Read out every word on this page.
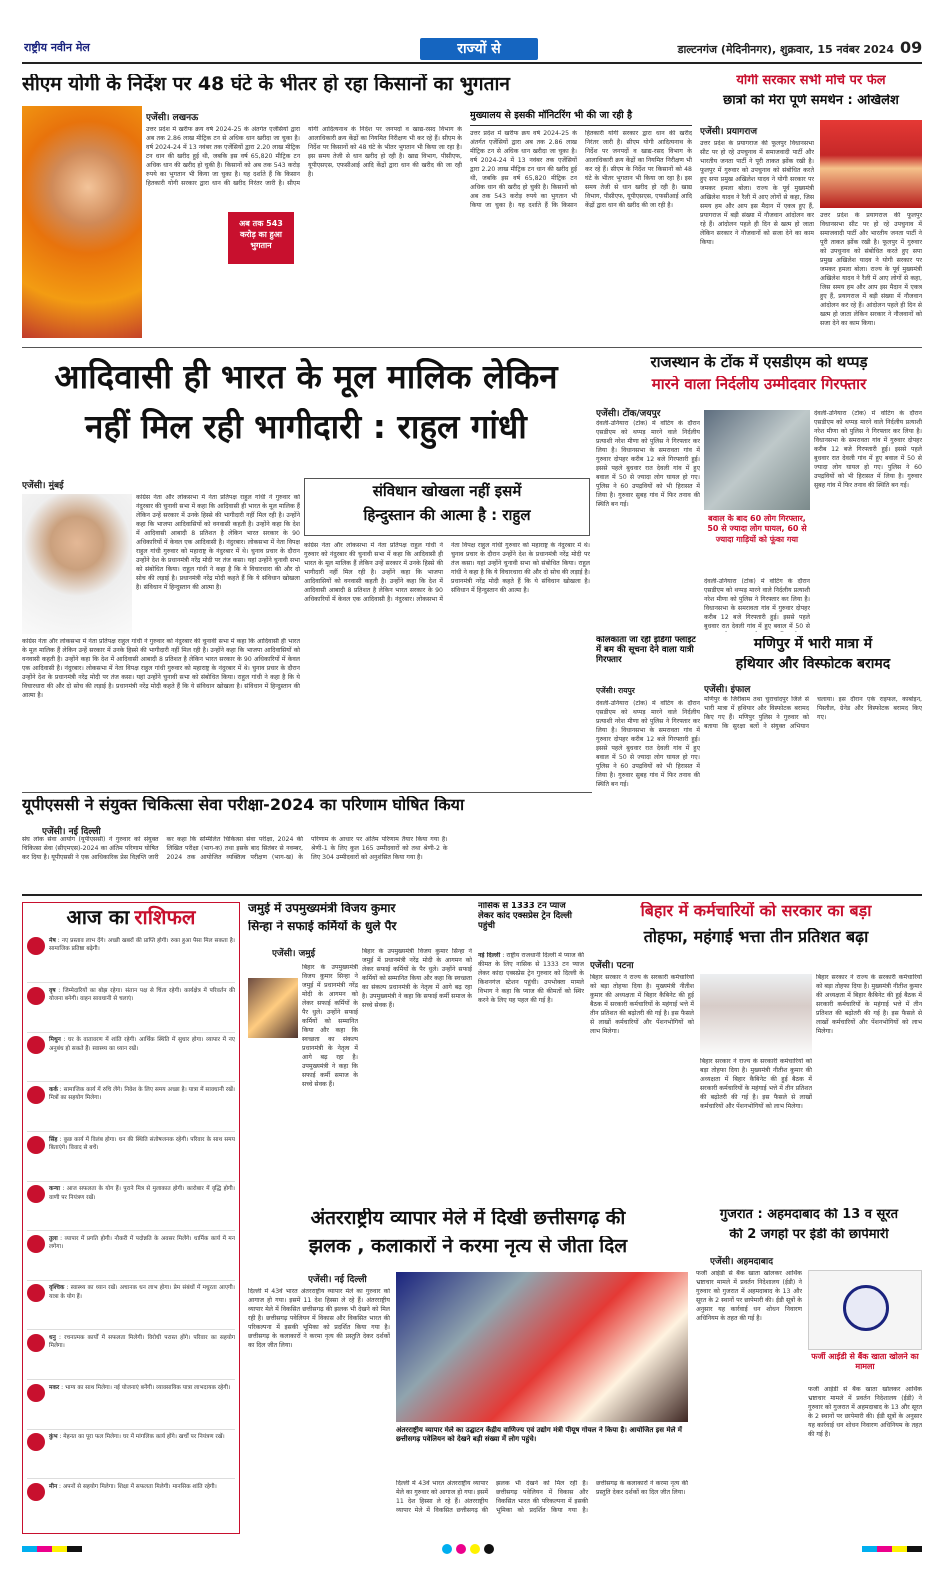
राष्ट्रीय नवीन मेल	राज्यों से	डाल्टनगंज (मेदिनीनगर), शुक्रवार, 15 नवंबर 2024 09
सीएम योगी के निर्देश पर 48 घंटे के भीतर हो रहा किसानों का भुगतान
एजेंसी। लखनऊ
अब तक 543 करोड़ का हुआ भुगतान
उत्तर प्रदेश में खरीफ क्रय वर्ष 2024-25 के अंतर्गत एजेंसियों द्वारा अब तक 2.86 लाख मीट्रिक टन से अधिक धान खरीदा जा चुका है। वर्ष 2024-24 में 13 नवंबर तक एजेंसियों द्वारा 2.20 लाख मीट्रिक टन धान की खरीद हुई थी, जबकि इस वर्ष 65,820 मीट्रिक टन अधिक धान की खरीद हो चुकी है। किसानों को अब तक 543 करोड़ रुपये का भुगतान भी किया जा चुका है। यह दर्शाते हैं कि किसान हितकारी योगी सरकार द्वारा धान की खरीद निरंतर जारी है। सीएम योगी आदित्यनाथ के निर्देश पर जनपदों व खाद्य-रसद विभाग के आलाधिकारी क्रय केंद्रों का नियमित निरीक्षण भी कर रहे हैं। सीएम के निर्देश पर किसानों को 48 घंटे के भीतर भुगतान भी किया जा रहा है। इस समय तेजी से धान खरीद हो रही है। खाद्य विभाग, पीसीएफ, यूपीएसएस, एफसीआई आदि केंद्रों द्वारा धान की खरीद की जा रही है।
मुख्यालय से इसकी मॉनिटरिंग भी की जा रही है
उत्तर प्रदेश में खरीफ क्रय वर्ष 2024-25 के अंतर्गत एजेंसियों द्वारा अब तक 2.86 लाख मीट्रिक टन से अधिक धान खरीदा जा चुका है। वर्ष 2024-24 में 13 नवंबर तक एजेंसियों द्वारा 2.20 लाख मीट्रिक टन धान की खरीद हुई थी, जबकि इस वर्ष 65,820 मीट्रिक टन अधिक धान की खरीद हो चुकी है। किसानों को अब तक 543 करोड़ रुपये का भुगतान भी किया जा चुका है। यह दर्शाते हैं कि किसान हितकारी योगी सरकार द्वारा धान की खरीद निरंतर जारी है। सीएम योगी आदित्यनाथ के निर्देश पर जनपदों व खाद्य-रसद विभाग के आलाधिकारी क्रय केंद्रों का नियमित निरीक्षण भी कर रहे हैं। सीएम के निर्देश पर किसानों को 48 घंटे के भीतर भुगतान भी किया जा रहा है। इस समय तेजी से धान खरीद हो रही है। खाद्य विभाग, पीसीएफ, यूपीएसएस, एफसीआई आदि केंद्रों द्वारा धान की खरीद की जा रही है।
योगी सरकार सभी मोर्चे पर फेल
छात्रों को मेरा पूर्ण समर्थन : अखिलेश
एजेंसी। प्रयागराज
उत्तर प्रदेश के प्रयागराज की फूलपुर विधानसभा सीट पर हो रहे उपचुनाव में समाजवादी पार्टी और भारतीय जनता पार्टी ने पूरी ताकत झोंक रखी है। फूलपुर में गुरुवार को उपचुनाव को संबोधित करते हुए सपा प्रमुख अखिलेश यादव ने योगी सरकार पर जमकर हमला बोला। राज्य के पूर्व मुख्यमंत्री अखिलेश यादव ने रैली में आए लोगों से कहा, जिस समय हम और आप इस मैदान में एकत्र हुए हैं, प्रयागराज में बड़ी संख्या में नौजवान आंदोलन कर रहे हैं। आंदोलन पहले ही दिन से खत्म हो जाता लेकिन सरकार ने नौजवानों को सजा देने का काम किया।
उत्तर प्रदेश के प्रयागराज की फूलपुर विधानसभा सीट पर हो रहे उपचुनाव में समाजवादी पार्टी और भारतीय जनता पार्टी ने पूरी ताकत झोंक रखी है। फूलपुर में गुरुवार को उपचुनाव को संबोधित करते हुए सपा प्रमुख अखिलेश यादव ने योगी सरकार पर जमकर हमला बोला। राज्य के पूर्व मुख्यमंत्री अखिलेश यादव ने रैली में आए लोगों से कहा, जिस समय हम और आप इस मैदान में एकत्र हुए हैं, प्रयागराज में बड़ी संख्या में नौजवान आंदोलन कर रहे हैं। आंदोलन पहले ही दिन से खत्म हो जाता लेकिन सरकार ने नौजवानों को सजा देने का काम किया।
आदिवासी ही भारत के मूल मालिक लेकिन
नहीं मिल रही भागीदारी : राहुल गांधी
एजेंसी। मुंबई	संविधान खोखला नहीं इसमें
हिन्दुस्तान की आत्मा है : राहुल
कांग्रेस नेता और लोकसभा में नेता प्रतिपक्ष राहुल गांधी ने गुरुवार को नंदुरबार की चुनावी सभा में कहा कि आदिवासी ही भारत के मूल मालिक हैं लेकिन उन्हें सरकार में उनके हिस्से की भागीदारी नहीं मिल रही है। उन्होंने कहा कि भाजपा आदिवासियों को वनवासी कहती है। उन्होंने कहा कि देश में आदिवासी आबादी 8 प्रतिशत है लेकिन भारत सरकार के 90 अधिकारियों में केवल एक आदिवासी है। नंदुरबार। लोकसभा में नेता विपक्ष राहुल गांधी गुरुवार को महाराष्ट्र के नंदुरबार में थे। चुनाव प्रचार के दौरान उन्होंने देश के प्रधानमंत्री नरेंद्र मोदी पर तंज कसा। यहां उन्होंने चुनावी सभा को संबोधित किया। राहुल गांधी ने कहा है कि ये विचारधारा की और दो सोच की लड़ाई है। प्रधानमंत्री नरेंद्र मोदी कहते हैं कि ये संविधान खोखला है। संविधान में हिन्दुस्तान की आत्मा है।
कांग्रेस नेता और लोकसभा में नेता प्रतिपक्ष राहुल गांधी ने गुरुवार को नंदुरबार की चुनावी सभा में कहा कि आदिवासी ही भारत के मूल मालिक हैं लेकिन उन्हें सरकार में उनके हिस्से की भागीदारी नहीं मिल रही है। उन्होंने कहा कि भाजपा आदिवासियों को वनवासी कहती है। उन्होंने कहा कि देश में आदिवासी आबादी 8 प्रतिशत है लेकिन भारत सरकार के 90 अधिकारियों में केवल एक आदिवासी है। नंदुरबार। लोकसभा में नेता विपक्ष राहुल गांधी गुरुवार को महाराष्ट्र के नंदुरबार में थे। चुनाव प्रचार के दौरान उन्होंने देश के प्रधानमंत्री नरेंद्र मोदी पर तंज कसा। यहां उन्होंने चुनावी सभा को संबोधित किया। राहुल गांधी ने कहा है कि ये विचारधारा की और दो सोच की लड़ाई है। प्रधानमंत्री नरेंद्र मोदी कहते हैं कि ये संविधान खोखला है। संविधान में हिन्दुस्तान की आत्मा है।
कांग्रेस नेता और लोकसभा में नेता प्रतिपक्ष राहुल गांधी ने गुरुवार को नंदुरबार की चुनावी सभा में कहा कि आदिवासी ही भारत के मूल मालिक हैं लेकिन उन्हें सरकार में उनके हिस्से की भागीदारी नहीं मिल रही है। उन्होंने कहा कि भाजपा आदिवासियों को वनवासी कहती है। उन्होंने कहा कि देश में आदिवासी आबादी 8 प्रतिशत है लेकिन भारत सरकार के 90 अधिकारियों में केवल एक आदिवासी है। नंदुरबार। लोकसभा में नेता विपक्ष राहुल गांधी गुरुवार को महाराष्ट्र के नंदुरबार में थे। चुनाव प्रचार के दौरान उन्होंने देश के प्रधानमंत्री नरेंद्र मोदी पर तंज कसा। यहां उन्होंने चुनावी सभा को संबोधित किया। राहुल गांधी ने कहा है कि ये विचारधारा की और दो सोच की लड़ाई है। प्रधानमंत्री नरेंद्र मोदी कहते हैं कि ये संविधान खोखला है। संविधान में हिन्दुस्तान की आत्मा है।
राजस्थान के टोंक में एसडीएम को थप्पड़
मारने वाला निर्दलीय उम्मीदवार गिरफ्तार
एजेंसी। टोंक/जयपुर
देवली-उनियारा (टोंक) में वोटिंग के दौरान एसडीएम को थप्पड़ मारने वाले निर्दलीय प्रत्याशी नरेश मीणा को पुलिस ने गिरफ्तार कर लिया है। विधानसभा के समरावता गांव में गुरुवार दोपहर करीब 12 बजे गिरफ्तारी हुई। इससे पहले बुधवार रात देवली गांव में हुए बवाल में 50 से ज्यादा लोग घायल हो गए। पुलिस ने 60 उपद्रवियों को भी हिरासत में लिया है। गुरुवार सुबह गांव में फिर तनाव की स्थिति बन गई।
बवाल के बाद 60 लोग गिरफ्तार, 50 से ज्यादा लोग घायल, 60 से ज्यादा गाड़ियों को फूंका गया
देवली-उनियारा (टोंक) में वोटिंग के दौरान एसडीएम को थप्पड़ मारने वाले निर्दलीय प्रत्याशी नरेश मीणा को पुलिस ने गिरफ्तार कर लिया है। विधानसभा के समरावता गांव में गुरुवार दोपहर करीब 12 बजे गिरफ्तारी हुई। इससे पहले बुधवार रात देवली गांव में हुए बवाल में 50 से
देवली-उनियारा (टोंक) में वोटिंग के दौरान एसडीएम को थप्पड़ मारने वाले निर्दलीय प्रत्याशी नरेश मीणा को पुलिस ने गिरफ्तार कर लिया है। विधानसभा के समरावता गांव में गुरुवार दोपहर करीब 12 बजे गिरफ्तारी हुई। इससे पहले बुधवार रात देवली गांव में हुए बवाल में 50 से ज्यादा लोग घायल हो गए। पुलिस ने 60 उपद्रवियों को भी हिरासत में लिया है। गुरुवार सुबह गांव में फिर तनाव की स्थिति बन गई।
कोलकाता जा रही इंडिगो फ्लाइट में बम की सूचना देने वाला यात्री गिरफ्तार
एजेंसी। रायपुर
देवली-उनियारा (टोंक) में वोटिंग के दौरान एसडीएम को थप्पड़ मारने वाले निर्दलीय प्रत्याशी नरेश मीणा को पुलिस ने गिरफ्तार कर लिया है। विधानसभा के समरावता गांव में गुरुवार दोपहर करीब 12 बजे गिरफ्तारी हुई। इससे पहले बुधवार रात देवली गांव में हुए बवाल में 50 से ज्यादा लोग घायल हो गए। पुलिस ने 60 उपद्रवियों को भी हिरासत में लिया है। गुरुवार सुबह गांव में फिर तनाव की स्थिति बन गई।
मणिपुर में भारी मात्रा में
हथियार और विस्फोटक बरामद
एजेंसी। इंफाल
मणिपुर के जिरीबाम तथा चुराचांदपुर जिले से भारी मात्रा में हथियार और विस्फोटक बरामद किए गए हैं। मणिपुर पुलिस ने गुरुवार को बताया कि सुरक्षा बलों ने संयुक्त अभियान चलाया। इस दौरान एके राइफल, कार्बाइन, पिस्तौल, ग्रेनेड और विस्फोटक बरामद किए गए।
यूपीएससी ने संयुक्त चिकित्सा सेवा परीक्षा-2024 का परिणाम घोषित किया
एजेंसी। नई दिल्ली
संघ लोक सेवा आयोग (यूपीएससी) ने गुरुवार को संयुक्त चिकित्सा सेवा (सीएमएस)-2024 का अंतिम परिणाम घोषित कर दिया है। यूपीएससी ने एक आधिकारिक प्रेस विज्ञप्ति जारी कर कहा कि सम्मिलित चिकित्सा सेवा परीक्षा, 2024 की लिखित परीक्षा (भाग-क) तथा इसके बाद सितंबर से नवम्बर, 2024 तक आयोजित व्यक्तित्व परीक्षण (भाग-ख) के परिणाम के आधार पर अंतिम परिणाम तैयार किया गया है। श्रेणी-1 के लिए कुल 165 उम्मीदवारों को तथा श्रेणी-2 के लिए 304 उम्मीदवारों को अनुशंसित किया गया है।
आज का राशिफल
मेष : नए प्रस्ताव लाभ देंगे। अच्छी खबरों की प्राप्ति होगी। रुका हुआ पैसा मिल सकता है। सामाजिक प्रतिष्ठा बढ़ेगी।
वृष : जिम्मेदारियों का बोझ रहेगा। संतान पक्ष से चिंता रहेगी। कार्यक्षेत्र में परिवर्तन की योजना बनेगी। वाहन सावधानी से चलाएं।
मिथुन : घर के वातावरण में शांति रहेगी। आर्थिक स्थिति में सुधार होगा। व्यापार में नए अनुबंध हो सकते हैं। स्वास्थ्य का ध्यान रखें।
कर्क : सामाजिक कार्य में रुचि लेंगे। निवेश के लिए समय अच्छा है। यात्रा में सावधानी रखें। मित्रों का सहयोग मिलेगा।
सिंह : कुछ कार्य में विलंब होगा। धन की स्थिति संतोषजनक रहेगी। परिवार के साथ समय बिताएंगे। विवाद से बचें।
कन्या : आज सफलता के योग हैं। पुराने मित्र से मुलाकात होगी। कारोबार में वृद्धि होगी। वाणी पर नियंत्रण रखें।
तुला : व्यापार में प्रगति होगी। नौकरी में पदोन्नति के अवसर मिलेंगे। धार्मिक कार्य में मन लगेगा।
वृश्चिक : स्वास्थ्य का ध्यान रखें। अचानक धन लाभ होगा। प्रेम संबंधों में मधुरता आएगी। यात्रा के योग हैं।
धनु : रचनात्मक कार्यों में सफलता मिलेगी। विरोधी परास्त होंगे। परिवार का सहयोग मिलेगा।
मकर : भाग्य का साथ मिलेगा। नई योजनाएं बनेंगी। व्यावसायिक यात्रा लाभदायक रहेगी।
कुंभ : मेहनत का पूरा फल मिलेगा। घर में मांगलिक कार्य होंगे। खर्चों पर नियंत्रण रखें।
मीन : अपनों से सहयोग मिलेगा। शिक्षा में सफलता मिलेगी। मानसिक शांति रहेगी।
जमुई में उपमुख्यमंत्री विजय कुमार
सिन्हा ने सफाई कर्मियों के धुले पैर
एजेंसी। जमुई
बिहार के उपमुख्यमंत्री विजय कुमार सिन्हा ने जमुई में प्रधानमंत्री नरेंद्र मोदी के आगमन को लेकर सफाई कर्मियों के पैर धुले। उन्होंने सफाई कर्मियों को सम्मानित किया और कहा कि स्वच्छता का संकल्प प्रधानमंत्री के नेतृत्व में आगे बढ़ रहा है। उपमुख्यमंत्री ने कहा कि सफाई कर्मी समाज के सच्चे सेवक हैं।
बिहार के उपमुख्यमंत्री विजय कुमार सिन्हा ने जमुई में प्रधानमंत्री नरेंद्र मोदी के आगमन को लेकर सफाई कर्मियों के पैर धुले। उन्होंने सफाई कर्मियों को सम्मानित किया और कहा कि स्वच्छता का संकल्प प्रधानमंत्री के नेतृत्व में आगे बढ़ रहा है। उपमुख्यमंत्री ने कहा कि सफाई कर्मी समाज के सच्चे सेवक हैं।
नासिक से 1333 टन प्याज लेकर कांद एक्सप्रेस ट्रेन दिल्ली पहुंची
नई दिल्ली : राष्ट्रीय राजधानी दिल्ली में प्याज की कीमत के लिए नासिक से 1333 टन प्याज लेकर कांदा एक्सप्रेस ट्रेन गुरुवार को दिल्ली के किशनगंज स्टेशन पहुंची। उपभोक्ता मामले विभाग ने कहा कि प्याज की कीमतों को स्थिर करने के लिए यह पहल की गई है।
बिहार में कर्मचारियों को सरकार का बड़ा
तोहफा, महंगाई भत्ता तीन प्रतिशत बढ़ा
एजेंसी। पटना
बिहार सरकार ने राज्य के सरकारी कर्मचारियों को बड़ा तोहफा दिया है। मुख्यमंत्री नीतीश कुमार की अध्यक्षता में बिहार कैबिनेट की हुई बैठक में सरकारी कर्मचारियों के महंगाई भत्ते में तीन प्रतिशत की बढ़ोतरी की गई है। इस फैसले से लाखों कर्मचारियों और पेंशनभोगियों को लाभ मिलेगा।
बिहार सरकार ने राज्य के सरकारी कर्मचारियों को बड़ा तोहफा दिया है। मुख्यमंत्री नीतीश कुमार की अध्यक्षता में बिहार कैबिनेट की हुई बैठक में सरकारी कर्मचारियों के महंगाई भत्ते में तीन प्रतिशत की बढ़ोतरी की गई है। इस फैसले से लाखों कर्मचारियों और पेंशनभोगियों को लाभ मिलेगा।
बिहार सरकार ने राज्य के सरकारी कर्मचारियों को बड़ा तोहफा दिया है। मुख्यमंत्री नीतीश कुमार की अध्यक्षता में बिहार कैबिनेट की हुई बैठक में सरकारी कर्मचारियों के महंगाई भत्ते में तीन प्रतिशत की बढ़ोतरी की गई है। इस फैसले से लाखों कर्मचारियों और पेंशनभोगियों को लाभ मिलेगा।
अंतरराष्ट्रीय व्यापार मेले में दिखी छत्तीसगढ़ की
झलक , कलाकारों ने करमा नृत्य से जीता दिल
एजेंसी। नई दिल्ली
दिल्ली में 43वें भारत अंतरराष्ट्रीय व्यापार मेले का गुरुवार को आगाज हो गया। इसमें 11 देश हिस्सा ले रहे हैं। अंतरराष्ट्रीय व्यापार मेले में विकसित छत्तीसगढ़ की झलक भी देखने को मिल रही है। छत्तीसगढ़ पवेलियन में विकास और विकसित भारत की परिकल्पना में इसकी भूमिका को प्रदर्शित किया गया है। छत्तीसगढ़ के कलाकारों ने करमा नृत्य की प्रस्तुति देकर दर्शकों का दिल जीत लिया।
अंतरराष्ट्रीय व्यापार मेले का उद्घाटन केंद्रीय वाणिज्य एवं उद्योग मंत्री पीयूष गोयल ने किया है। आयोजित इस मेले में छत्तीसगढ़ पवेलियन को देखने बड़ी संख्या में लोग पहुंचे।
दिल्ली में 43वें भारत अंतरराष्ट्रीय व्यापार मेले का गुरुवार को आगाज हो गया। इसमें 11 देश हिस्सा ले रहे हैं। अंतरराष्ट्रीय व्यापार मेले में विकसित छत्तीसगढ़ की झलक भी देखने को मिल रही है। छत्तीसगढ़ पवेलियन में विकास और विकसित भारत की परिकल्पना में इसकी भूमिका को प्रदर्शित किया गया है। छत्तीसगढ़ के कलाकारों ने करमा नृत्य की प्रस्तुति देकर दर्शकों का दिल जीत लिया।
गुजरात : अहमदाबाद की 13 व सूरत
की 2 जगहों पर ईडी की छापेमारी
एजेंसी। अहमदाबाद
फर्जी आईडी से बैंक खाता खोलकर आर्थिक भ्रष्टाचार मामले में प्रवर्तन निदेशालय (ईडी) ने गुरुवार को गुजरात में अहमदाबाद के 13 और सूरत के 2 स्थानों पर छापेमारी की। ईडी सूत्रों के अनुसार यह कार्रवाई धन शोधन निवारण अधिनियम के तहत की गई है।
फर्जी आईडी से बैंक खाता खोलने का मामला
फर्जी आईडी से बैंक खाता खोलकर आर्थिक भ्रष्टाचार मामले में प्रवर्तन निदेशालय (ईडी) ने गुरुवार को गुजरात में अहमदाबाद के 13 और सूरत के 2 स्थानों पर छापेमारी की। ईडी सूत्रों के अनुसार यह कार्रवाई धन शोधन निवारण अधिनियम के तहत की गई है।
